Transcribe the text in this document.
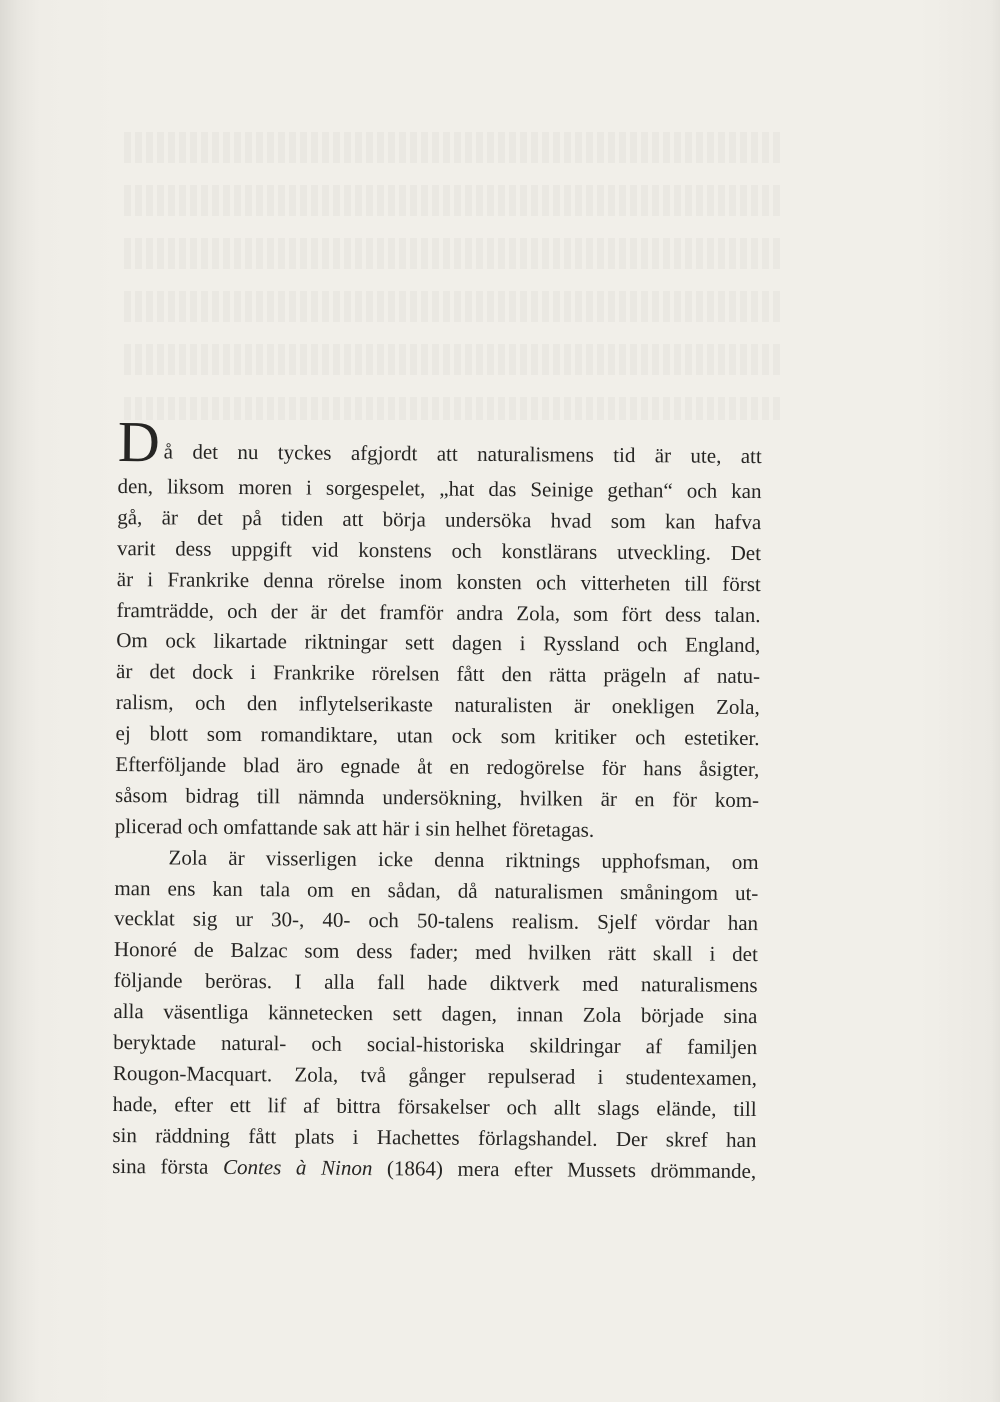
D å det nu tyckes afgjordt att naturalismens tid är ute, att
den, liksom moren i sorgespelet, „hat das Seinige gethan“ och kan
gå, är det på tiden att börja undersöka hvad som kan hafva
varit dess uppgift vid konstens och konstlärans utveckling. Det
är i Frankrike denna rörelse inom konsten och vitterheten till först
framträdde, och der är det framför andra Zola, som fört dess talan.
Om ock likartade riktningar sett dagen i Ryssland och England,
är det dock i Frankrike rörelsen fått den rätta prägeln af natu-
ralism, och den inflytelserikaste naturalisten är onekligen Zola,
ej blott som romandiktare, utan ock som kritiker och estetiker.
Efterföljande blad äro egnade åt en redogörelse för hans åsigter,
såsom bidrag till nämnda undersökning, hvilken är en för kom-
plicerad och omfattande sak att här i sin helhet företagas.
Zola är visserligen icke denna riktnings upphofsman, om
man ens kan tala om en sådan, då naturalismen småningom ut-
vecklat sig ur 30-, 40- och 50-talens realism. Sjelf vördar han
Honoré de Balzac som dess fader; med hvilken rätt skall i det
följande beröras. I alla fall hade diktverk med naturalismens
alla väsentliga kännetecken sett dagen, innan Zola började sina
beryktade natural- och social-historiska skildringar af familjen
Rougon-Macquart. Zola, två gånger repulserad i studentexamen,
hade, efter ett lif af bittra försakelser och allt slags elände, till
sin räddning fått plats i Hachettes förlagshandel. Der skref han
sina första Contes à Ninon (1864) mera efter Mussets drömmande,
